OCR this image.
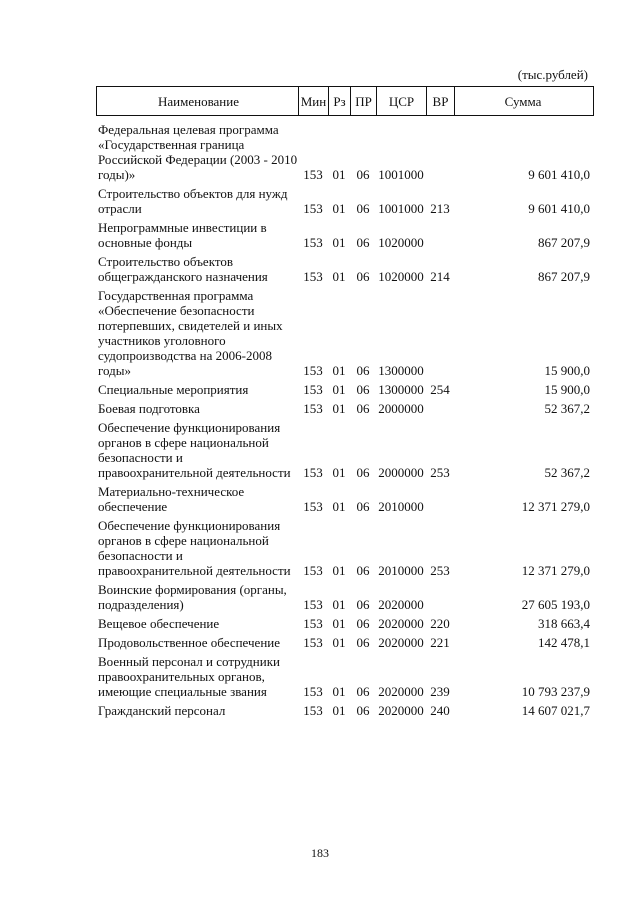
(тыс.рублей)
Наименование	Мин Рз ПР	ЦСР	ВР	Сумма
Федеральная целевая программа «Государственная граница Российской Федерации (2003 - 2010 годы)»	153 01 06 1001000	9 601 410,0
Строительство объектов для нужд отрасли	153 01 06 1001000 213	9 601 410,0
Непрограммные инвестиции в основные фонды	153 01 06 1020000	867 207,9
Строительство объектов общегражданского назначения	153 01 06 1020000 214	867 207,9
Государственная программа «Обеспечение безопасности потерпевших, свидетелей и иных участников уголовного судопроизводства на 2006-2008 годы»	153 01 06 1300000	15 900,0
Специальные мероприятия	153 01 06 1300000 254	15 900,0
Боевая подготовка	153 01 06 2000000	52 367,2
Обеспечение функционирования органов в сфере национальной безопасности и правоохранительной деятельности 153 01 06 2000000 253	52 367,2
Материально-техническое обеспечение	153 01 06 2010000	12 371 279,0
Обеспечение функционирования органов в сфере национальной безопасности и правоохранительной деятельности 153 01 06 2010000 253	12 371 279,0
Воинские формирования (органы, подразделения)	153 01 06 2020000	27 605 193,0
Вещевое обеспечение	153 01 06 2020000 220	318 663,4
Продовольственное обеспечение	153 01 06 2020000 221	142 478,1
Военный персонал и сотрудники правоохранительных органов, имеющие специальные звания	153 01 06 2020000 239	10 793 237,9
Гражданский персонал	153 01 06 2020000 240	14 607 021,7
183
